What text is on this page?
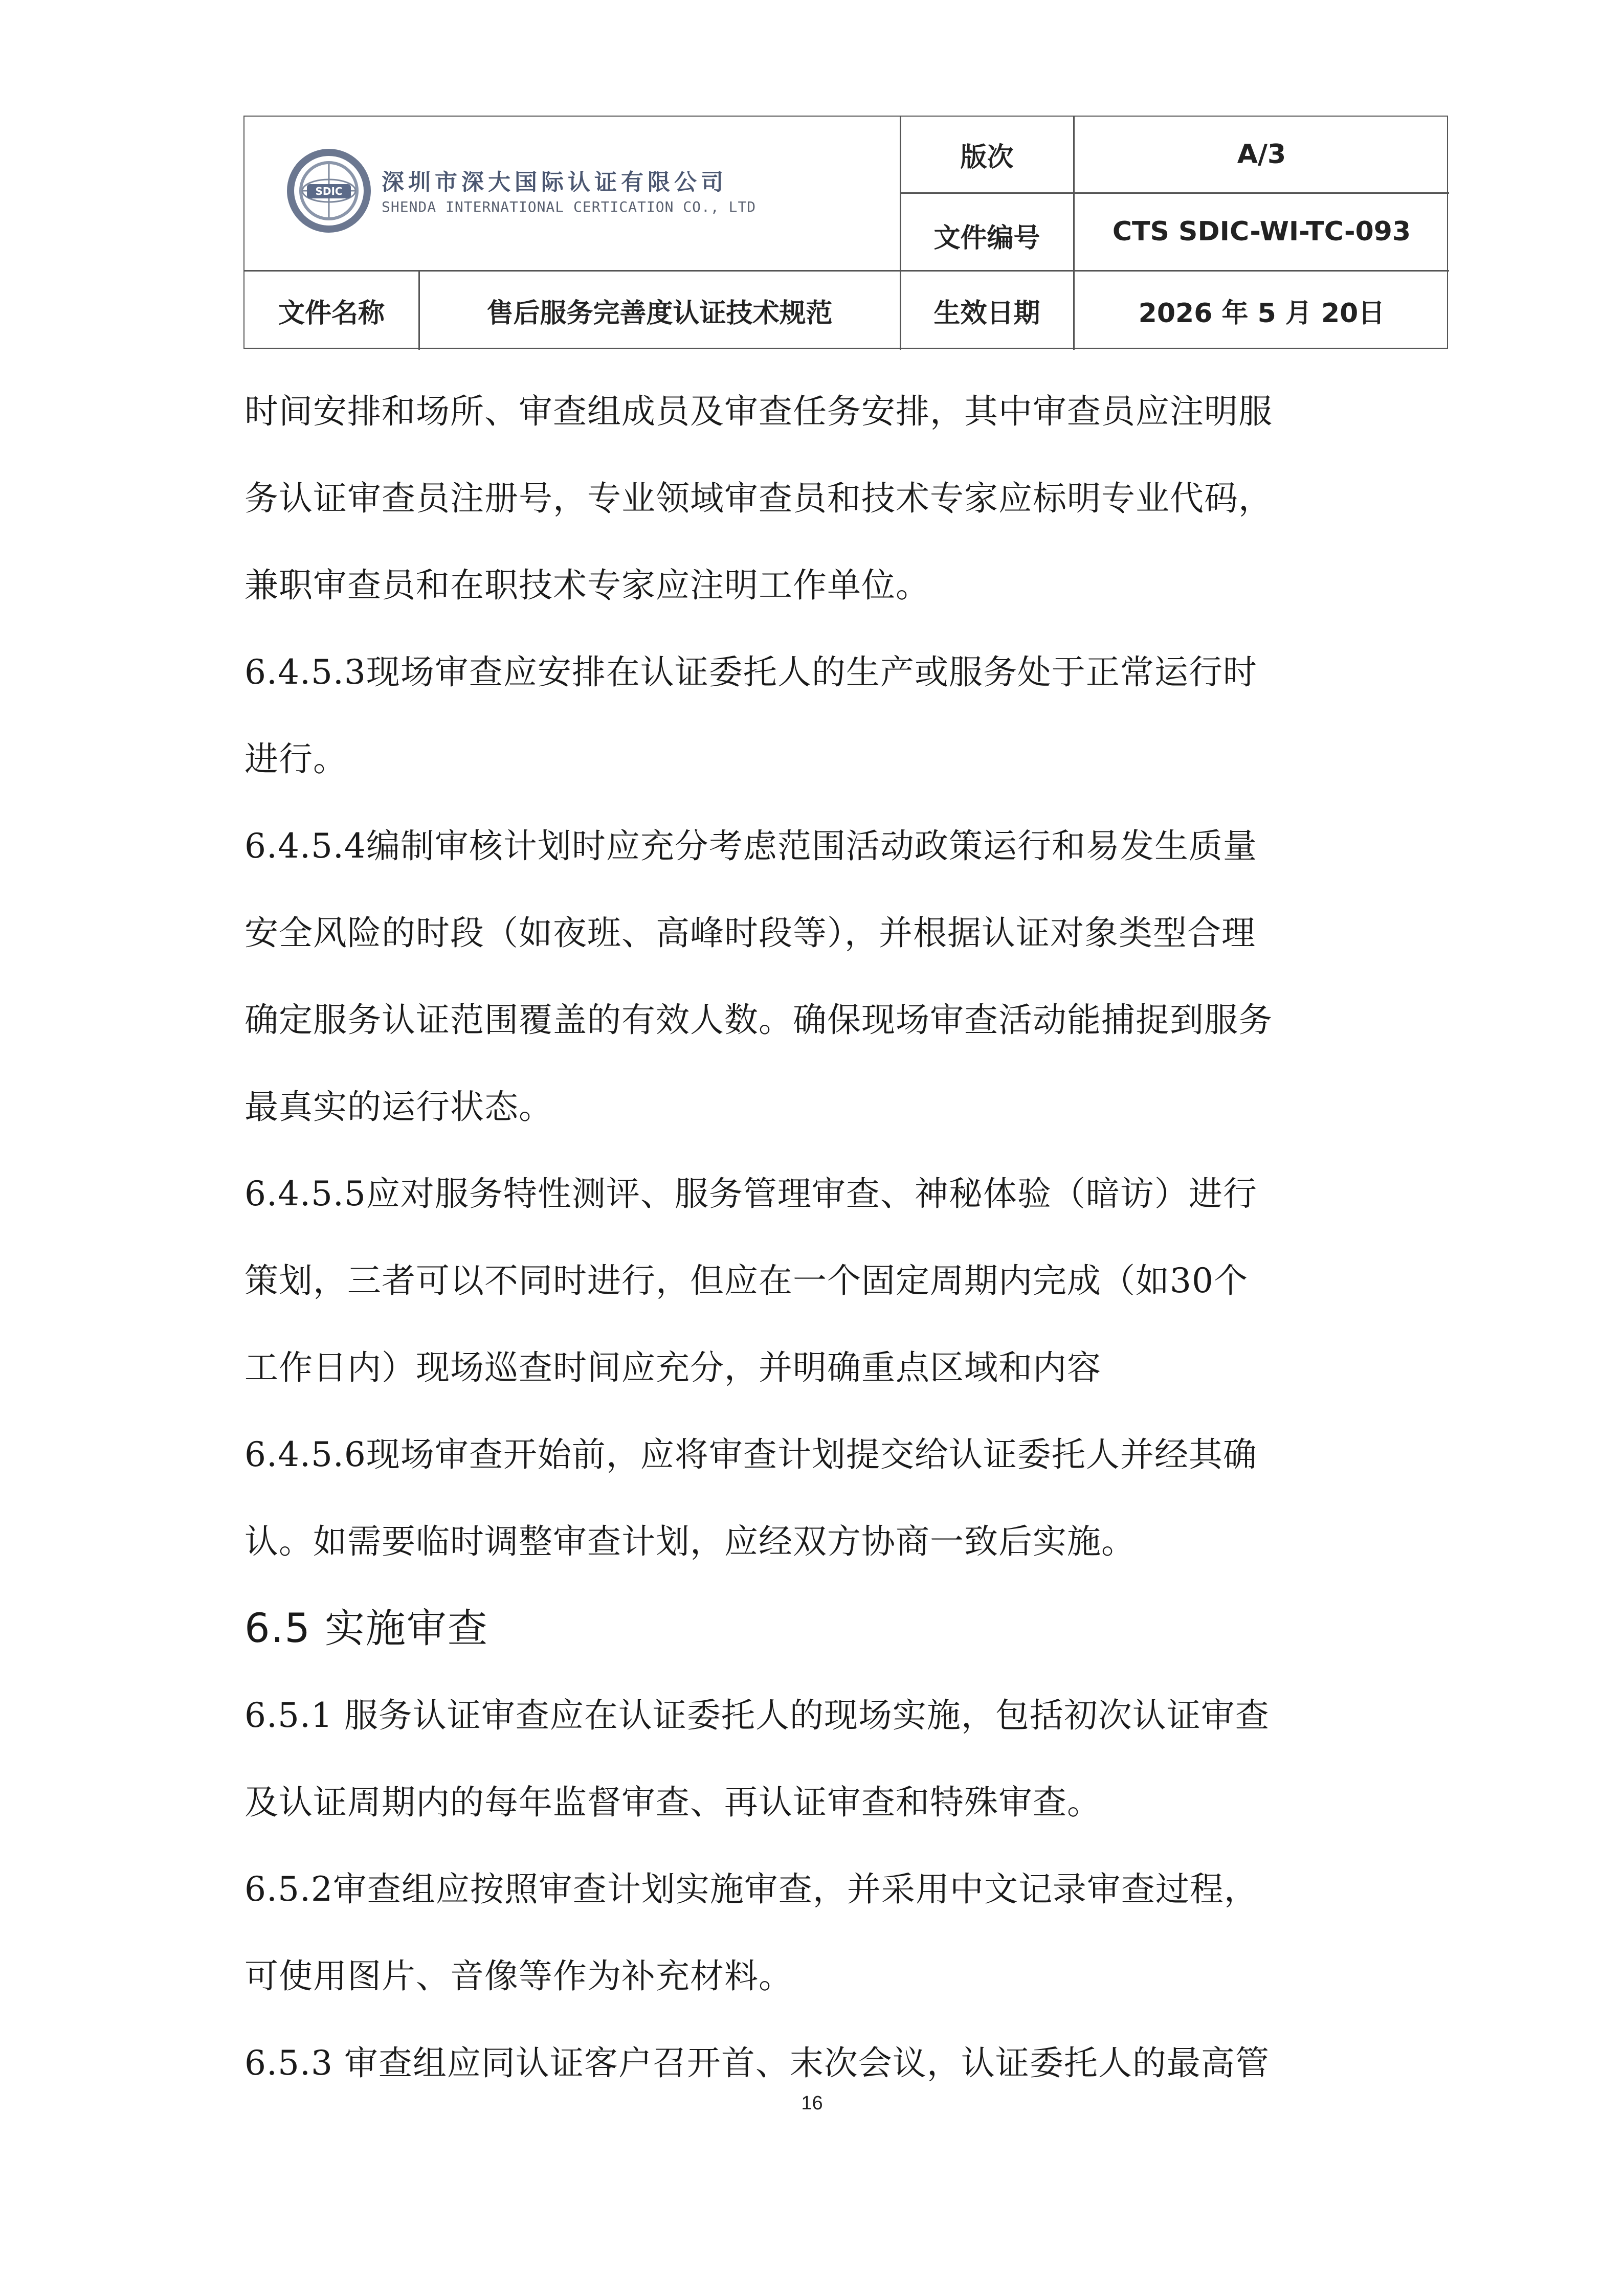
SDIC 深圳市深大国际认证有限公司
SHENDA INTERNATIONAL CERTICATION CO., LTD
版次	A/3
文件编号	CTS SDIC-WI-TC-093
文件名称	售后服务完善度认证技术规范	生效日期	2026 年 5 月 20日

时间安排和场所、审查组成员及审查任务安排，其中审查员应注明服

务认证审查员注册号，专业领域审查员和技术专家应标明专业代码，

兼职审查员和在职技术专家应注明工作单位。

6.4.5.3现场审查应安排在认证委托人的生产或服务处于正常运行时

进行。

6.4.5.4编制审核计划时应充分考虑范围活动政策运行和易发生质量

安全风险的时段（如夜班、高峰时段等），并根据认证对象类型合理

确定服务认证范围覆盖的有效人数。确保现场审查活动能捕捉到服务

最真实的运行状态。

6.4.5.5应对服务特性测评、服务管理审查、神秘体验（暗访）进行

策划，三者可以不同时进行，但应在一个固定周期内完成（如30个

工作日内）现场巡查时间应充分，并明确重点区域和内容

6.4.5.6现场审查开始前，应将审查计划提交给认证委托人并经其确

认。如需要临时调整审查计划，应经双方协商一致后实施。

6.5 实施审查

6.5.1 服务认证审查应在认证委托人的现场实施，包括初次认证审查

及认证周期内的每年监督审查、再认证审查和特殊审查。

6.5.2审查组应按照审查计划实施审查，并采用中文记录审查过程，

可使用图片、音像等作为补充材料。

6.5.3 审查组应同认证客户召开首、末次会议，认证委托人的最高管

16
